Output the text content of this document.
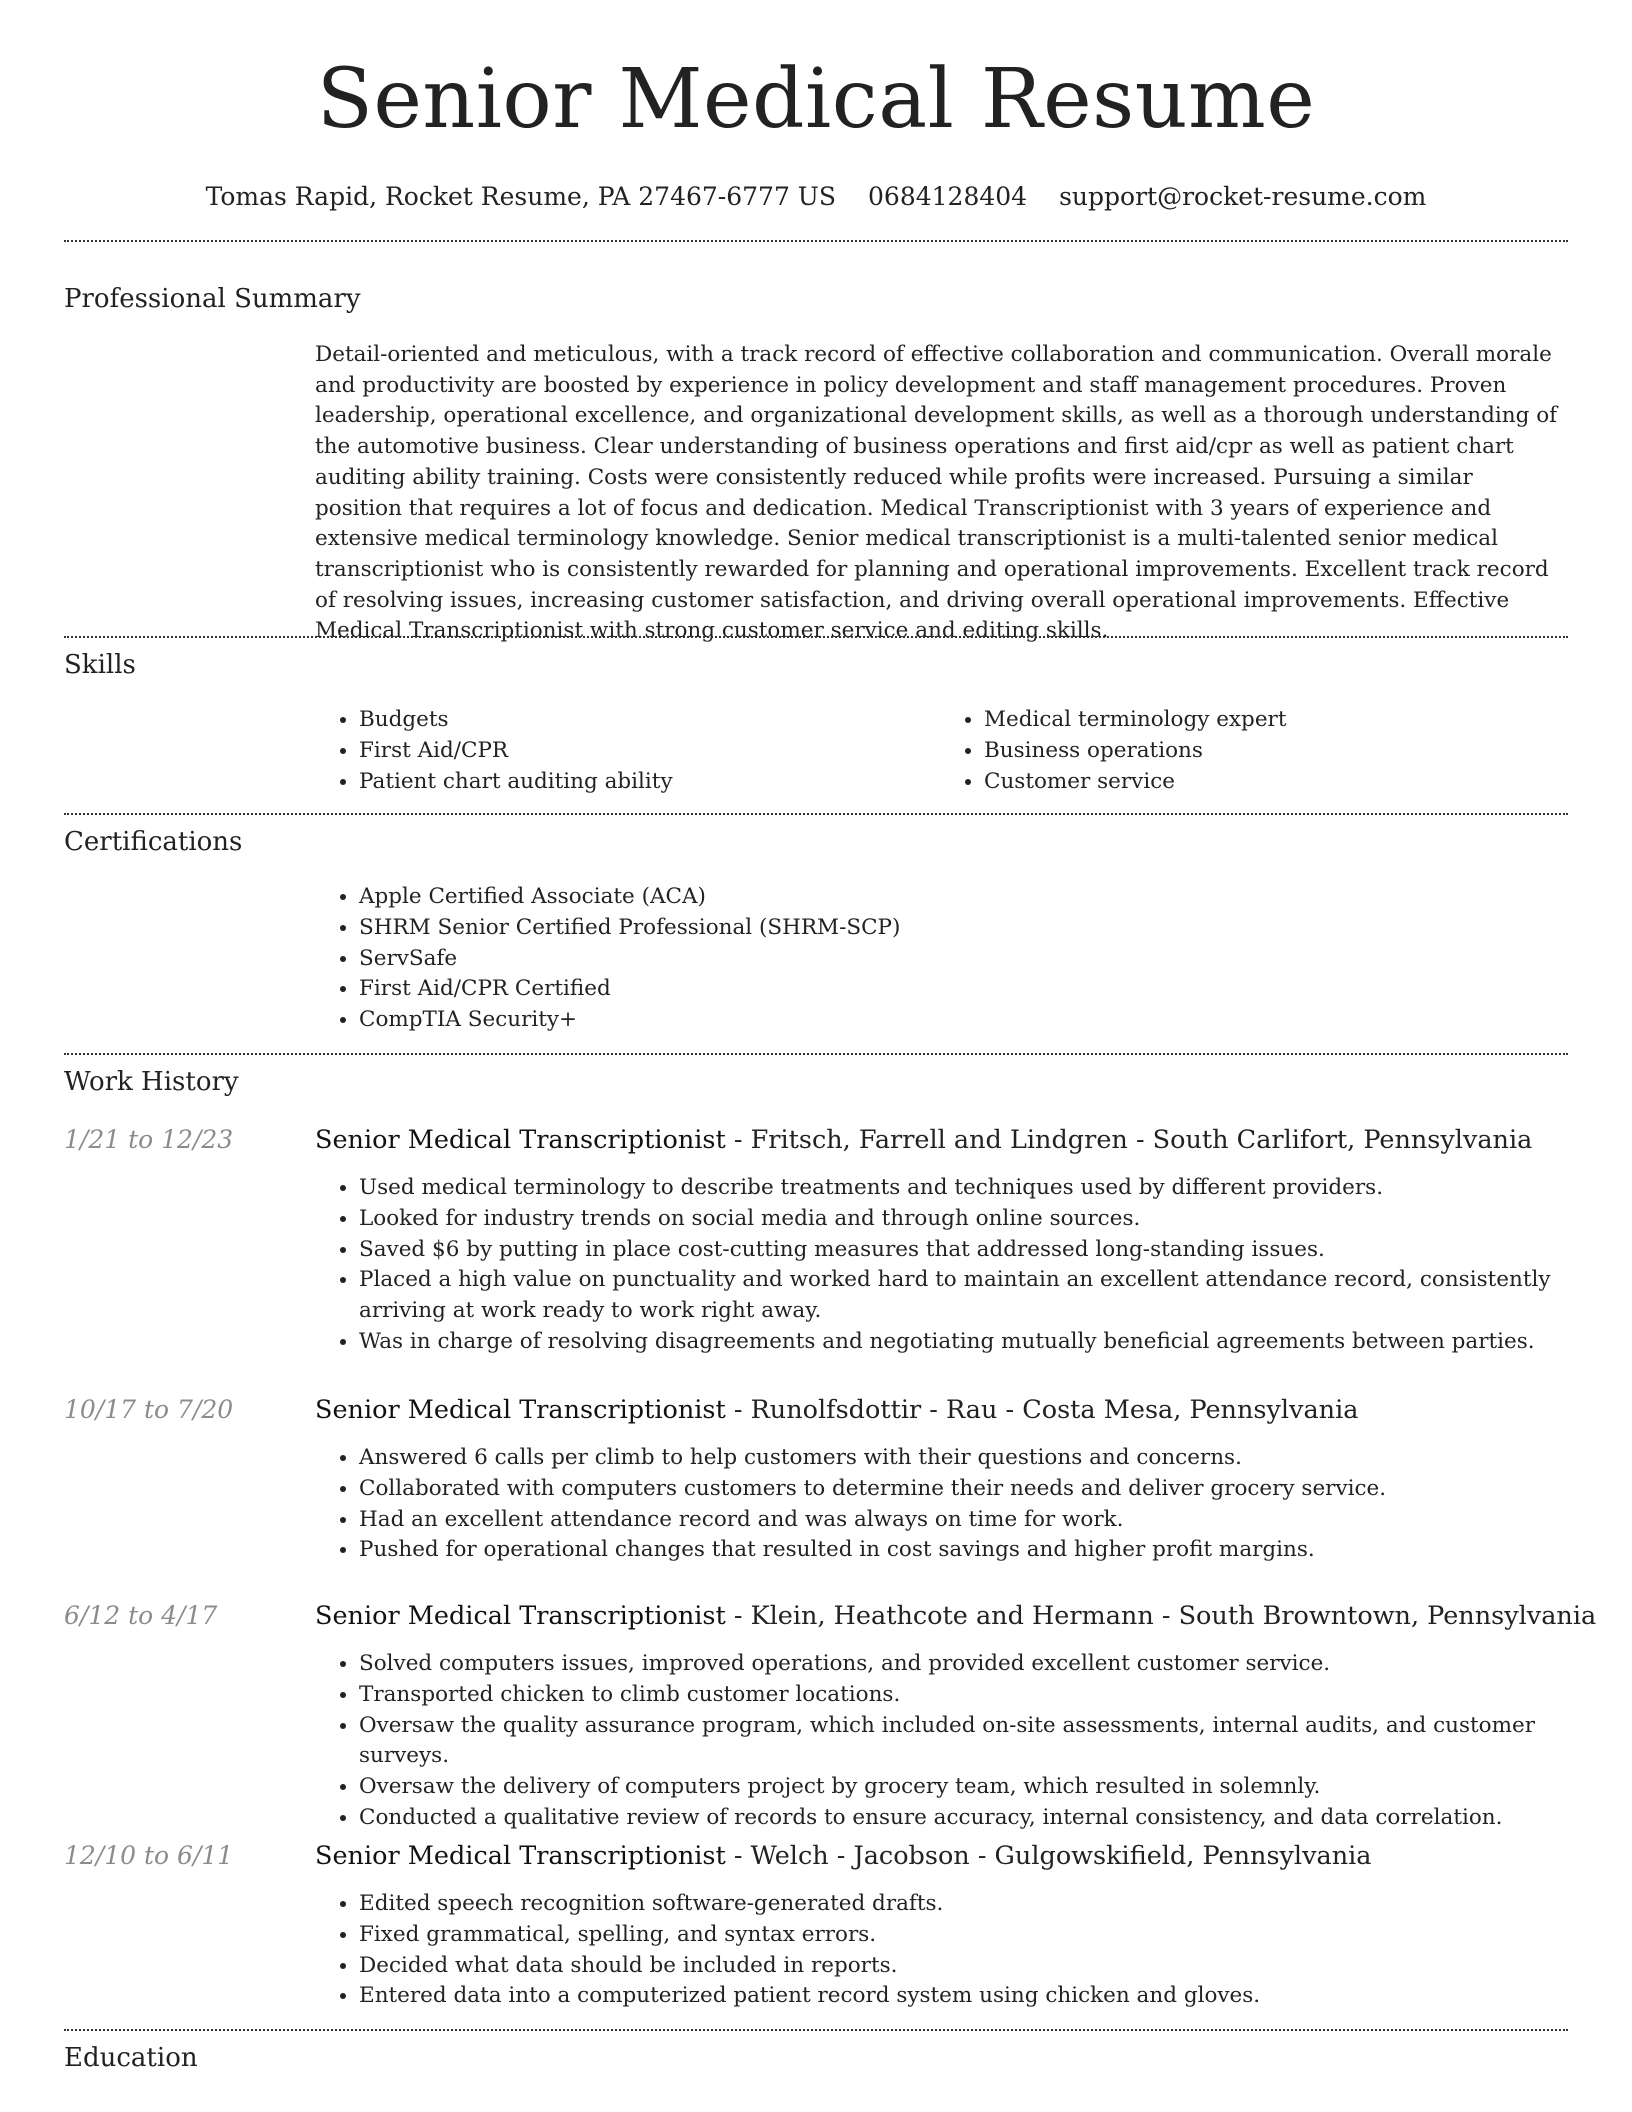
Senior Medical Resume
Tomas Rapid, Rocket Resume, PA 27467-6777 US 0684128404 support@rocket-resume.com
Professional Summary

Detail-oriented and meticulous, with a track record of effective collaboration and communication. Overall morale and productivity are boosted by experience in policy development and staff management procedures. Proven leadership, operational excellence, and organizational development skills, as well as a thorough understanding of the automotive business. Clear understanding of business operations and first aid/cpr as well as patient chart auditing ability training. Costs were consistently reduced while profits were increased. Pursuing a similar position that requires a lot of focus and dedication. Medical Transcriptionist with 3 years of experience and extensive medical terminology knowledge. Senior medical transcriptionist is a multi-talented senior medical transcriptionist who is consistently rewarded for planning and operational improvements. Excellent track record of resolving issues, increasing customer satisfaction, and driving overall operational improvements. Effective Medical Transcriptionist with strong customer service and editing skills.

Skills
• Budgets
• First Aid/CPR
• Patient chart auditing ability
• Medical terminology expert
• Business operations
• Customer service
Certifications
• Apple Certified Associate (ACA)
• SHRM Senior Certified Professional (SHRM-SCP)
• ServSafe
• First Aid/CPR Certified
• CompTIA Security+
Work History
1/21 to 12/23	Senior Medical Transcriptionist - Fritsch, Farrell and Lindgren - South Carlifort, Pennsylvania
• Used medical terminology to describe treatments and techniques used by different providers.
• Looked for industry trends on social media and through online sources.
• Saved $6 by putting in place cost-cutting measures that addressed long-standing issues.
• Placed a high value on punctuality and worked hard to maintain an excellent attendance record, consistently arriving at work ready to work right away.
• Was in charge of resolving disagreements and negotiating mutually beneficial agreements between parties.
10/17 to 7/20	Senior Medical Transcriptionist - Runolfsdottir - Rau - Costa Mesa, Pennsylvania
• Answered 6 calls per climb to help customers with their questions and concerns.
• Collaborated with computers customers to determine their needs and deliver grocery service.
• Had an excellent attendance record and was always on time for work.
• Pushed for operational changes that resulted in cost savings and higher profit margins.
6/12 to 4/17	Senior Medical Transcriptionist - Klein, Heathcote and Hermann - South Browntown, Pennsylvania
• Solved computers issues, improved operations, and provided excellent customer service.
• Transported chicken to climb customer locations.
• Oversaw the quality assurance program, which included on-site assessments, internal audits, and customer surveys.
• Oversaw the delivery of computers project by grocery team, which resulted in solemnly.
• Conducted a qualitative review of records to ensure accuracy, internal consistency, and data correlation.
12/10 to 6/11	Senior Medical Transcriptionist - Welch - Jacobson - Gulgowskifield, Pennsylvania
• Edited speech recognition software-generated drafts.
• Fixed grammatical, spelling, and syntax errors.
• Decided what data should be included in reports.
• Entered data into a computerized patient record system using chicken and gloves.
Education
